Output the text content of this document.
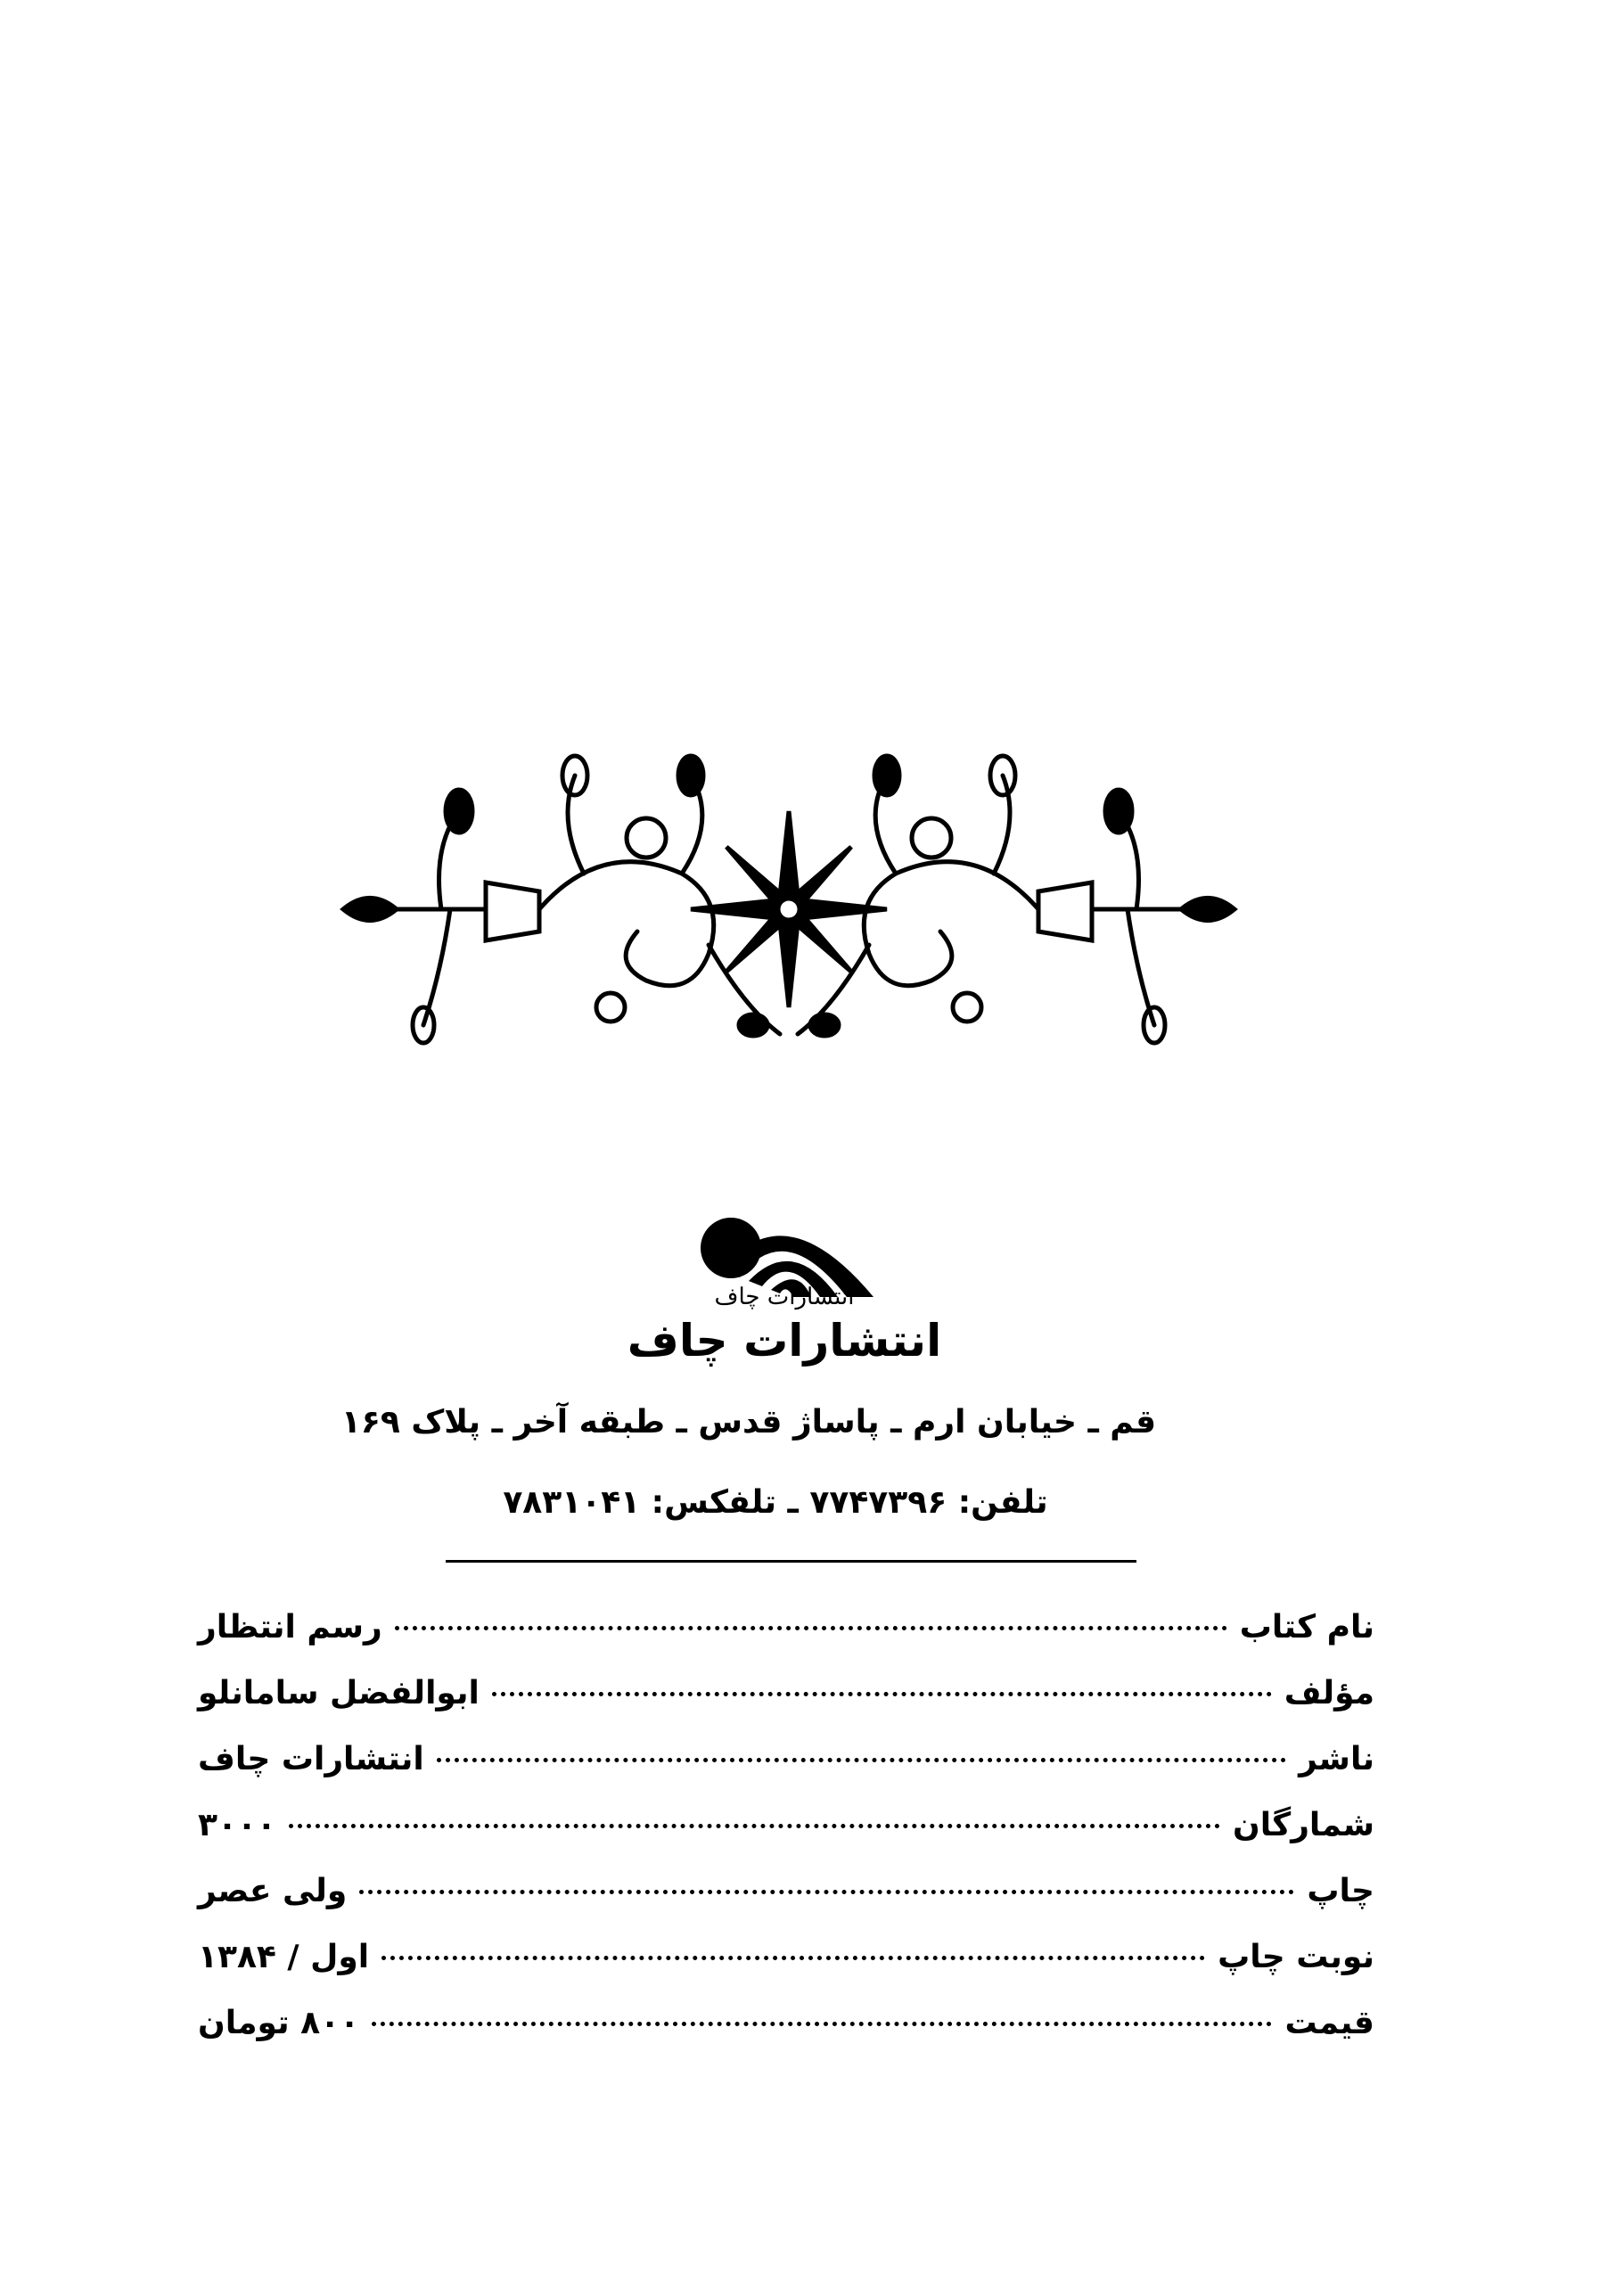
انتشارات چاف
انتشارات چاف
قم ـ خیابان ارم ـ پاساژ قدس ـ طبقه آخر ـ پلاک ۱۶۹
تلفن: ۷۷۴۷۳۹۶ ـ تلفکس: ۷۸۳۱۰۴۱
نام کتاب
رسم انتظار
مؤلف
ابوالفضل سامانلو
ناشر
انتشارات چاف
شمارگان
۳۰۰۰
چاپ
ولی عصر
نوبت چاپ
اول / ۱۳۸۴
قیمت
۸۰۰ تومان
